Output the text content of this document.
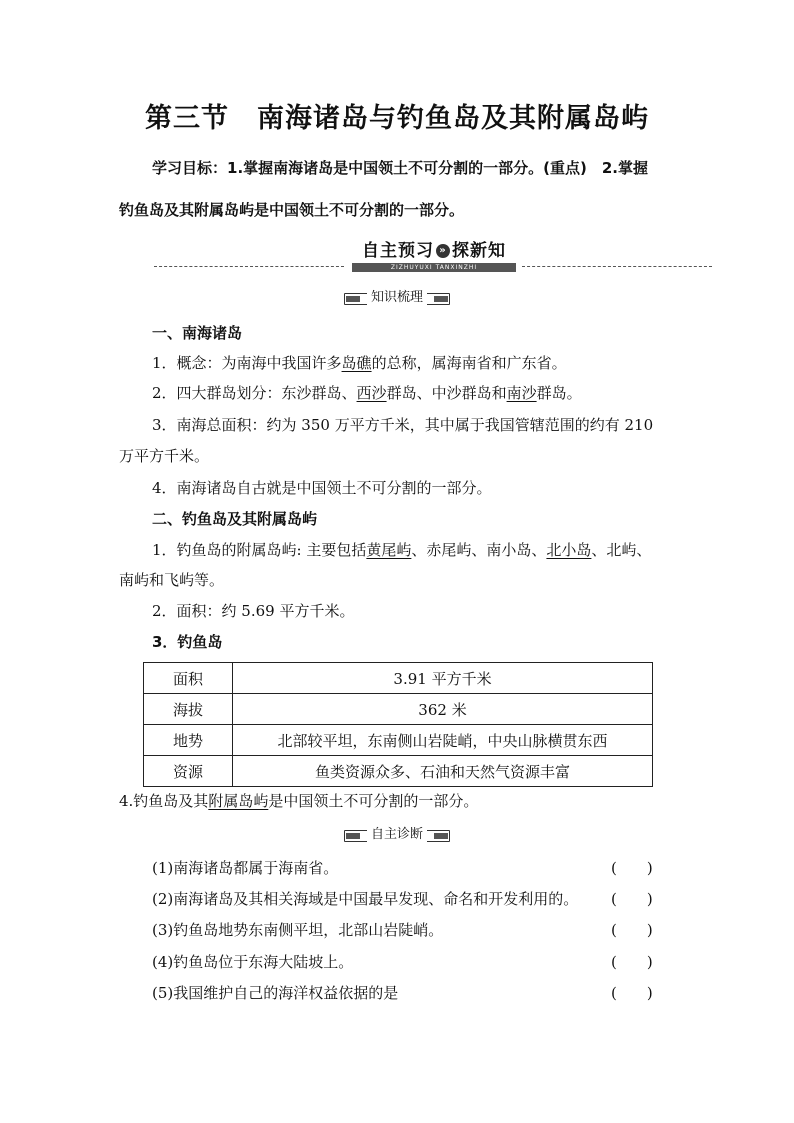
第三节 南海诸岛与钓鱼岛及其附属岛屿
学习目标：1.掌握南海诸岛是中国领土不可分割的一部分。(重点)　2.掌握
钓鱼岛及其附属岛屿是中国领土不可分割的一部分。
自主预习 » 探新知
ZIZHUYUXI TANXINZHI
知识梳理
一、南海诸岛
1．概念：为南海中我国许多岛礁的总称，属海南省和广东省。
2．四大群岛划分：东沙群岛、西沙群岛、中沙群岛和南沙群岛。
3．南海总面积：约为 350 万平方千米，其中属于我国管辖范围的约有 210
万平方千米。
4．南海诸岛自古就是中国领土不可分割的一部分。
二、钓鱼岛及其附属岛屿
1．钓鱼岛的附属岛屿: 主要包括黄尾屿、赤尾屿、南小岛、北小岛、北屿、
南屿和飞屿等。
2．面积：约 5.69 平方千米。
3．钓鱼岛
面积	3.91 平方千米
海拔	362 米
地势	北部较平坦，东南侧山岩陡峭，中央山脉横贯东西
资源	鱼类资源众多、石油和天然气资源丰富
4.钓鱼岛及其附属岛屿是中国领土不可分割的一部分。
自主诊断
(1)南海诸岛都属于海南省。	(　　)
(2)南海诸岛及其相关海域是中国最早发现、命名和开发利用的。 (　　)
(3)钓鱼岛地势东南侧平坦，北部山岩陡峭。	(　　)
(4)钓鱼岛位于东海大陆坡上。	(　　)
(5)我国维护自己的海洋权益依据的是	(　　)
